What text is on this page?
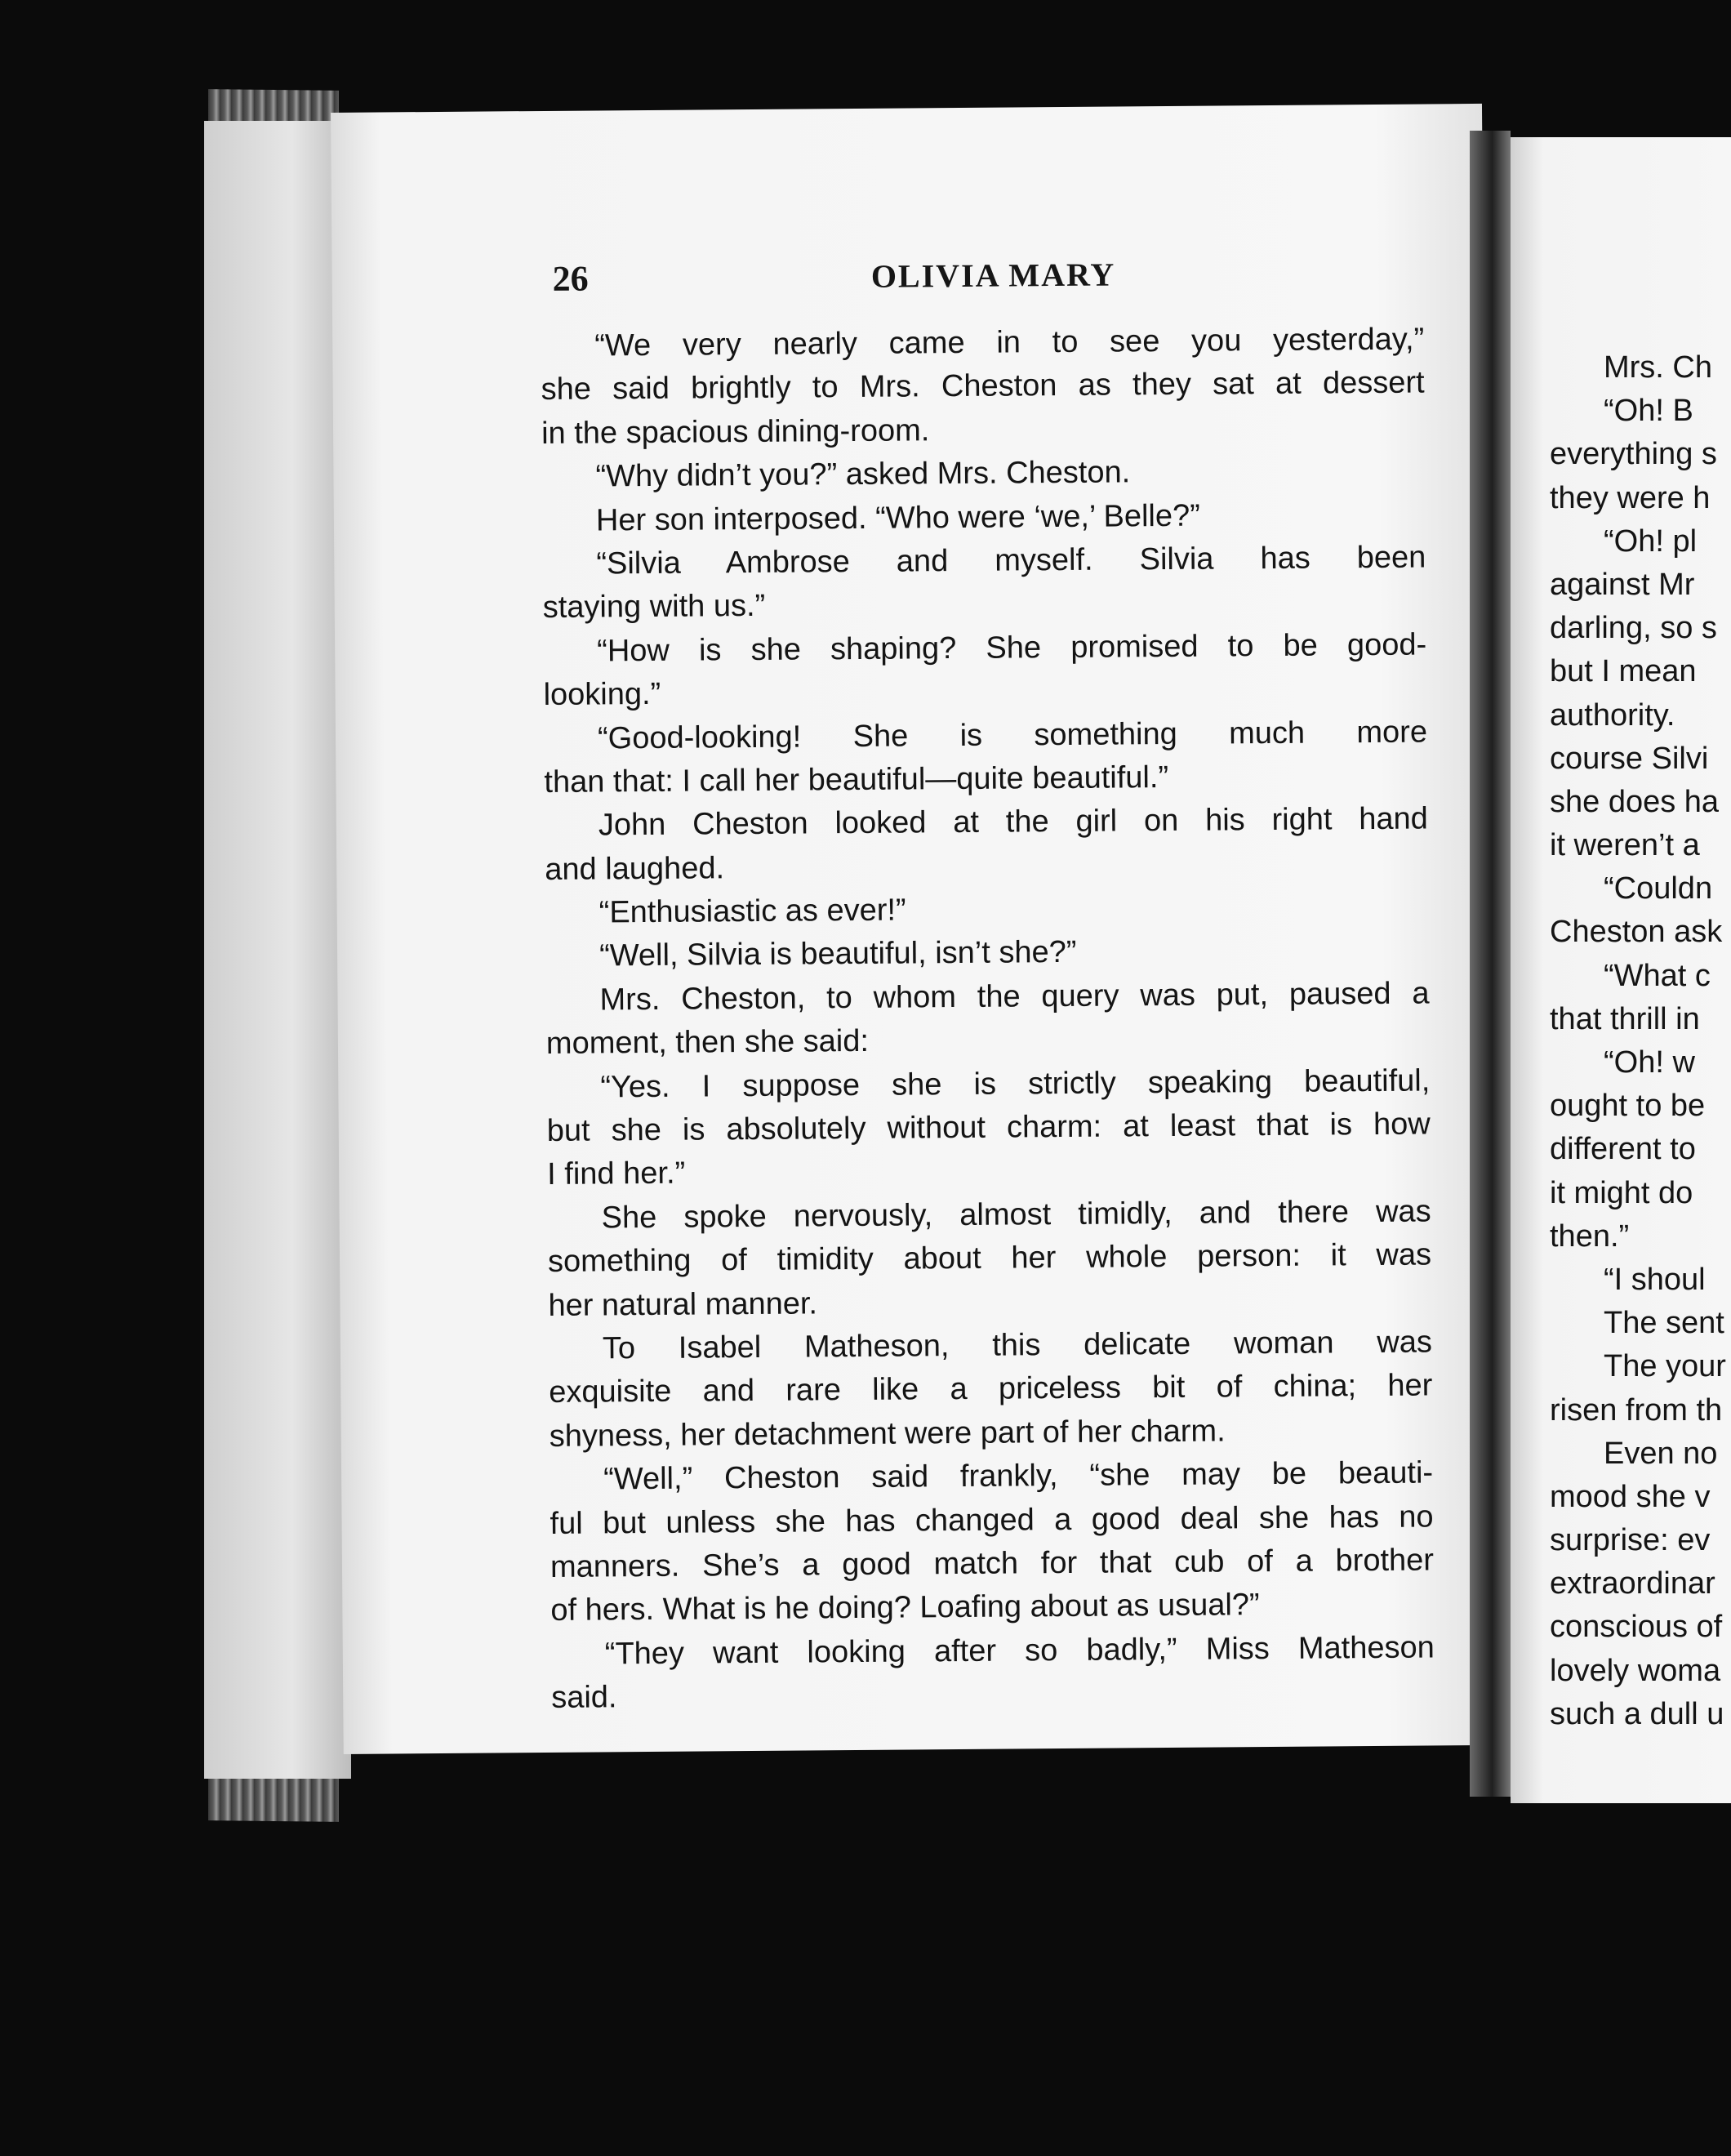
26	OLIVIA MARY
“We very nearly came in to see you yesterday,”
she said brightly to Mrs. Cheston as they sat at dessert
in the spacious dining-room.
“Why didn’t you?” asked Mrs. Cheston.
Her son interposed. “Who were ‘we,’ Belle?”
“Silvia Ambrose and myself. Silvia has been
staying with us.”
“How is she shaping? She promised to be good-
looking.”
“Good-looking! She is something much more
than that: I call her beautiful—quite beautiful.”
John Cheston looked at the girl on his right hand
and laughed.
“Enthusiastic as ever!”
“Well, Silvia is beautiful, isn’t she?”
Mrs. Cheston, to whom the query was put, paused a
moment, then she said:
“Yes. I suppose she is strictly speaking beautiful,
but she is absolutely without charm: at least that is how
I find her.”
She spoke nervously, almost timidly, and there was
something of timidity about her whole person: it was
her natural manner.
To Isabel Matheson, this delicate woman was
exquisite and rare like a priceless bit of china; her
shyness, her detachment were part of her charm.
“Well,” Cheston said frankly, “she may be beauti-
ful but unless she has changed a good deal she has no
manners. She’s a good match for that cub of a brother
of hers. What is he doing? Loafing about as usual?”
“They want looking after so badly,” Miss Matheson
said.
Mrs. Ch
“Oh! B
everything s
they were h
“Oh! pl
against Mr
darling, so s
but I mean
authority.
course Silvi
she does ha
it weren’t a
“Couldn
Cheston ask
“What c
that thrill in
“Oh! w
ought to be
different to
it might do
then.”
“I shoul
The sent
The your
risen from th
Even no
mood she v
surprise: ev
extraordinar
conscious of
lovely woma
such a dull u
